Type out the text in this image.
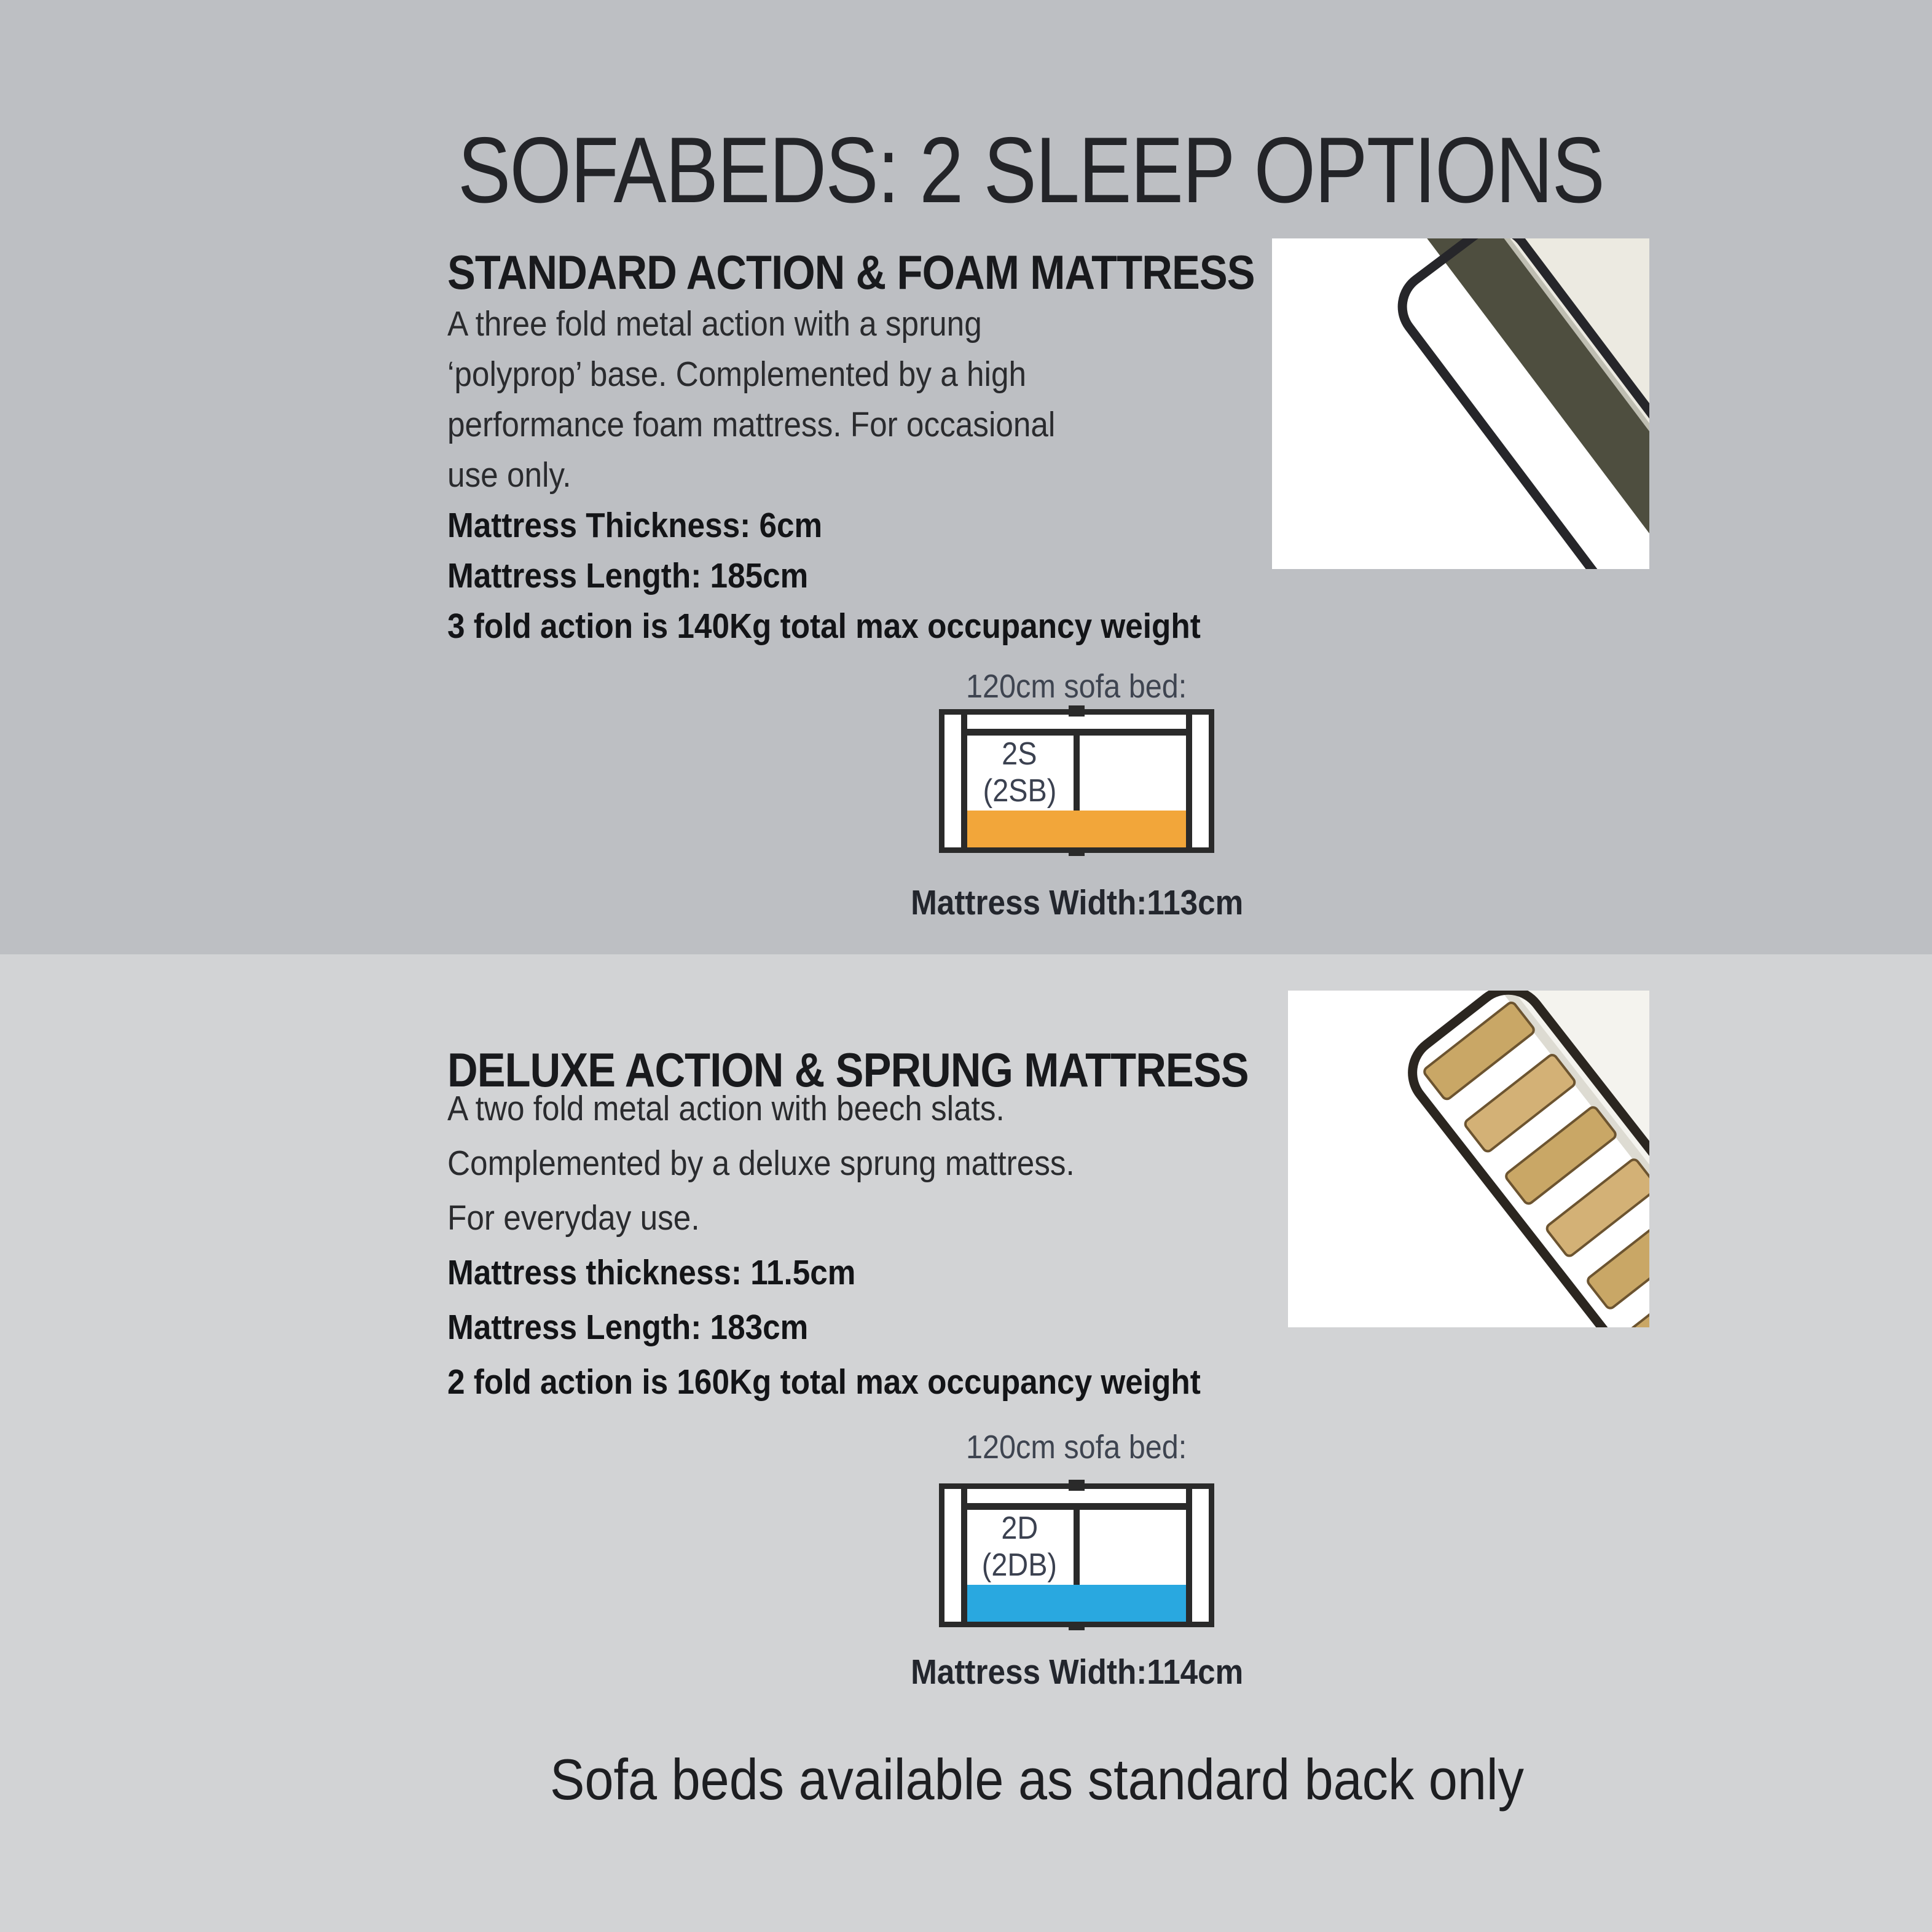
SOFABEDS: 2 SLEEP OPTIONS
STANDARD ACTION & FOAM MATTRESS
A three fold metal action with a sprung
‘polyprop’ base. Complemented by a high
performance foam mattress. For occasional
use only.
Mattress Thickness: 6cm
Mattress Length: 185cm
3 fold action is 140Kg total max occupancy weight
120cm sofa bed:
2S
(2SB)
Mattress Width:113cm
DELUXE ACTION & SPRUNG MATTRESS
A two fold metal action with beech slats.
Complemented by a deluxe sprung mattress.
For everyday use.
Mattress thickness: 11.5cm
Mattress Length: 183cm
2 fold action is 160Kg total max occupancy weight
120cm sofa bed:
2D
(2DB)
Mattress Width:114cm
Sofa beds available as standard back only
